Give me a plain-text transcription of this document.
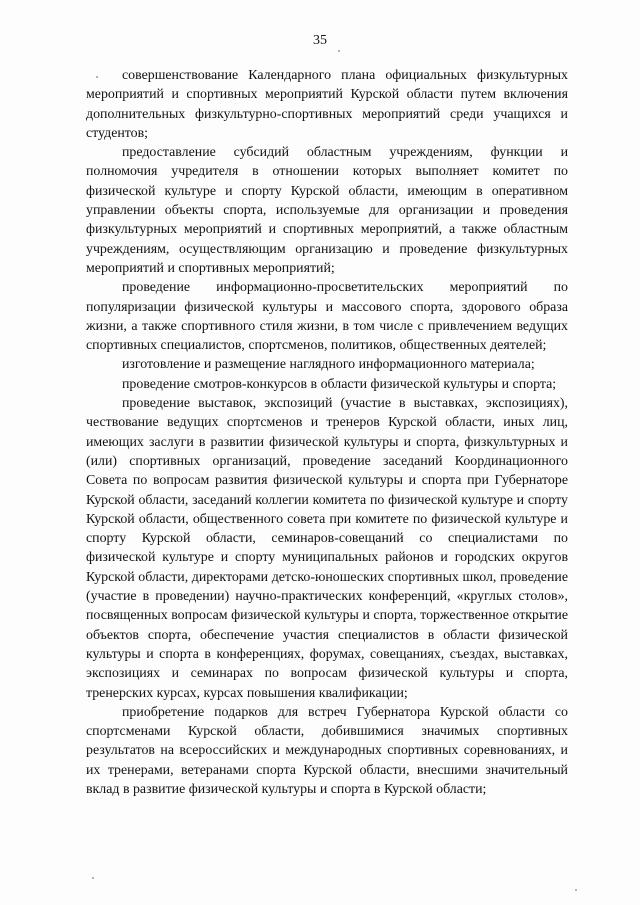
35

совершенствование Календарного плана официальных физкультурных мероприятий и спортивных мероприятий Курской области путем включения дополнительных физкультурно-спортивных мероприятий среди учащихся и студентов;

предоставление субсидий областным учреждениям, функции и полномочия учредителя в отношении которых выполняет комитет по физической культуре и спорту Курской области, имеющим в оперативном управлении объекты спорта, используемые для организации и проведения физкультурных мероприятий и спортивных мероприятий, а также областным учреждениям, осуществляющим организацию и проведение физкультурных мероприятий и спортивных мероприятий;

проведение информационно-просветительских мероприятий по популяризации физической культуры и массового спорта, здорового образа жизни, а также спортивного стиля жизни, в том числе с привлечением ведущих спортивных специалистов, спортсменов, политиков, общественных деятелей;

изготовление и размещение наглядного информационного материала;

проведение смотров-конкурсов в области физической культуры и спорта;

проведение выставок, экспозиций (участие в выставках, экспозициях), чествование ведущих спортсменов и тренеров Курской области, иных лиц, имеющих заслуги в развитии физической культуры и спорта, физкультурных и (или) спортивных организаций, проведение заседаний Координационного Совета по вопросам развития физической культуры и спорта при Губернаторе Курской области, заседаний коллегии комитета по физической культуре и спорту Курской области, общественного совета при комитете по физической культуре и спорту Курской области, семинаров-совещаний со специалистами по физической культуре и спорту муниципальных районов и городских округов Курской области, директорами детско-юношеских спортивных школ, проведение (участие в проведении) научно-практических конференций, «круглых столов», посвященных вопросам физической культуры и спорта, торжественное открытие объектов спорта, обеспечение участия специалистов в области физической культуры и спорта в конференциях, форумах, совещаниях, съездах, выставках, экспозициях и семинарах по вопросам физической культуры и спорта, тренерских курсах, курсах повышения квалификации;

приобретение подарков для встреч Губернатора Курской области со спортсменами Курской области, добившимися значимых спортивных результатов на всероссийских и международных спортивных соревнованиях, и их тренерами, ветеранами спорта Курской области, внесшими значительный вклад в развитие физической культуры и спорта в Курской области;
